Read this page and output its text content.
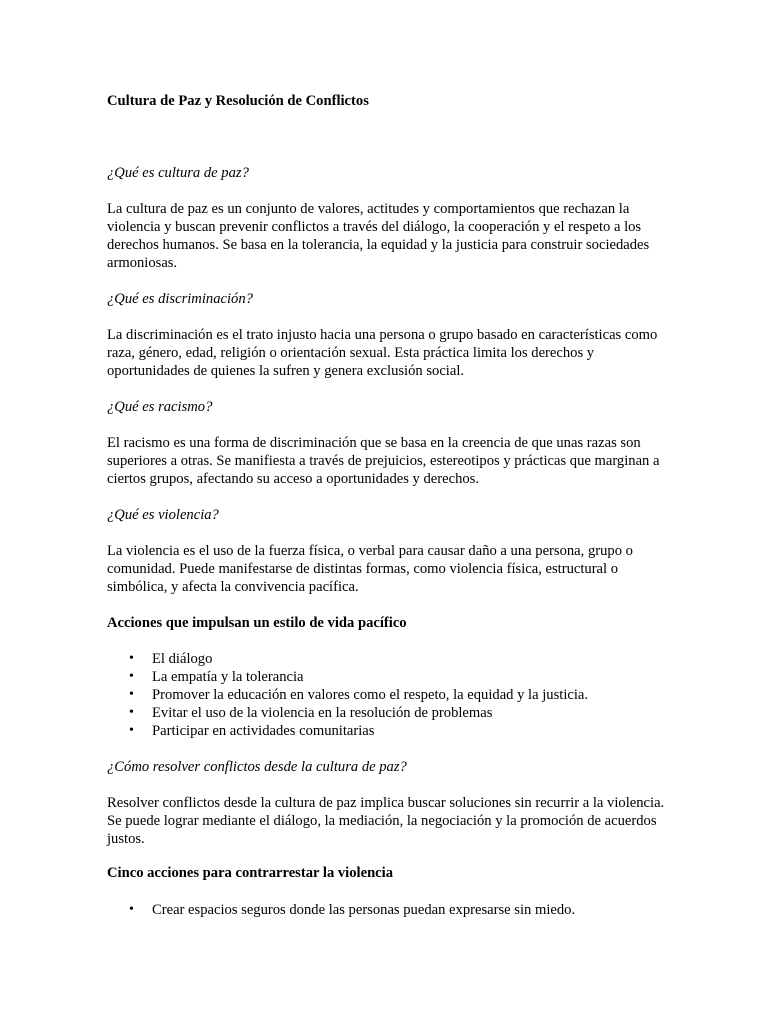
Cultura de Paz y Resolución de Conflictos

¿Qué es cultura de paz?

La cultura de paz es un conjunto de valores, actitudes y comportamientos que rechazan la violencia y buscan prevenir conflictos a través del diálogo, la cooperación y el respeto a los derechos humanos. Se basa en la tolerancia, la equidad y la justicia para construir sociedades armoniosas.

¿Qué es discriminación?

La discriminación es el trato injusto hacia una persona o grupo basado en características como raza, género, edad, religión o orientación sexual. Esta práctica limita los derechos y oportunidades de quienes la sufren y genera exclusión social.

¿Qué es racismo?

El racismo es una forma de discriminación que se basa en la creencia de que unas razas son superiores a otras. Se manifiesta a través de prejuicios, estereotipos y prácticas que marginan a ciertos grupos, afectando su acceso a oportunidades y derechos.

¿Qué es violencia?

La violencia es el uso de la fuerza física, o verbal para causar daño a una persona, grupo o comunidad. Puede manifestarse de distintas formas, como violencia física, estructural o simbólica, y afecta la convivencia pacífica.

Acciones que impulsan un estilo de vida pacífico

• El diálogo
• La empatía y la tolerancia
• Promover la educación en valores como el respeto, la equidad y la justicia.
• Evitar el uso de la violencia en la resolución de problemas
• Participar en actividades comunitarias

¿Cómo resolver conflictos desde la cultura de paz?

Resolver conflictos desde la cultura de paz implica buscar soluciones sin recurrir a la violencia. Se puede lograr mediante el diálogo, la mediación, la negociación y la promoción de acuerdos justos.

Cinco acciones para contrarrestar la violencia

• Crear espacios seguros donde las personas puedan expresarse sin miedo.
